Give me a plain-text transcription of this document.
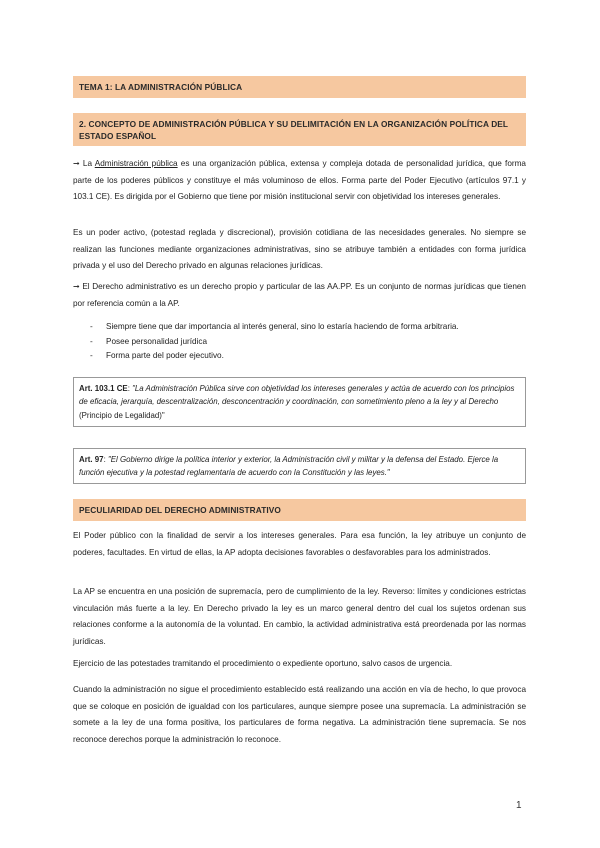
TEMA 1: LA ADMINISTRACIÓN PÚBLICA
2. CONCEPTO DE ADMINISTRACIÓN PÚBLICA Y SU DELIMITACIÓN EN LA ORGANIZACIÓN POLÍTICA DEL
ESTADO ESPAÑOL
➞ La Administración pública es una organización pública, extensa y compleja dotada de personalidad jurídica, que forma parte de los poderes públicos y constituye el más voluminoso de ellos. Forma parte del Poder Ejecutivo (artículos 97.1 y 103.1 CE). Es dirigida por el Gobierno que tiene por misión institucional servir con objetividad los intereses generales.
Es un poder activo, (potestad reglada y discrecional), provisión cotidiana de las necesidades generales. No siempre se realizan las funciones mediante organizaciones administrativas, sino se atribuye también a entidades con forma jurídica privada y el uso del Derecho privado en algunas relaciones jurídicas.
➞ El Derecho administrativo es un derecho propio y particular de las AA.PP. Es un conjunto de normas jurídicas que tienen por referencia común a la AP.
-	Siempre tiene que dar importancia al interés general, sino lo estaría haciendo de forma arbitraria.
-	Posee personalidad jurídica
-	Forma parte del poder ejecutivo.
Art. 103.1 CE: "La Administración Pública sirve con objetividad los intereses generales y actúa de acuerdo con los principios de eficacia, jerarquía, descentralización, desconcentración y coordinación, con sometimiento pleno a la ley y al Derecho (Principio de Legalidad)"
Art. 97: "El Gobierno dirige la política interior y exterior, la Administración civil y militar y la defensa del Estado. Ejerce la función ejecutiva y la potestad reglamentaria de acuerdo con la Constitución y las leyes."
PECULIARIDAD DEL DERECHO ADMINISTRATIVO
El Poder público con la finalidad de servir a los intereses generales. Para esa función, la ley atribuye un conjunto de poderes, facultades. En virtud de ellas, la AP adopta decisiones favorables o desfavorables para los administrados.
La AP se encuentra en una posición de supremacía, pero de cumplimiento de la ley. Reverso: límites y condiciones estrictas vinculación más fuerte a la ley. En Derecho privado la ley es un marco general dentro del cual los sujetos ordenan sus relaciones conforme a la autonomía de la voluntad. En cambio, la actividad administrativa está preordenada por las normas jurídicas.
Ejercicio de las potestades tramitando el procedimiento o expediente oportuno, salvo casos de urgencia.
Cuando la administración no sigue el procedimiento establecido está realizando una acción en vía de hecho, lo que provoca que se coloque en posición de igualdad con los particulares, aunque siempre posee una supremacía. La administración se somete a la ley de una forma positiva, los particulares de forma negativa. La administración tiene supremacía. Se nos reconoce derechos porque la administración lo reconoce.
1
